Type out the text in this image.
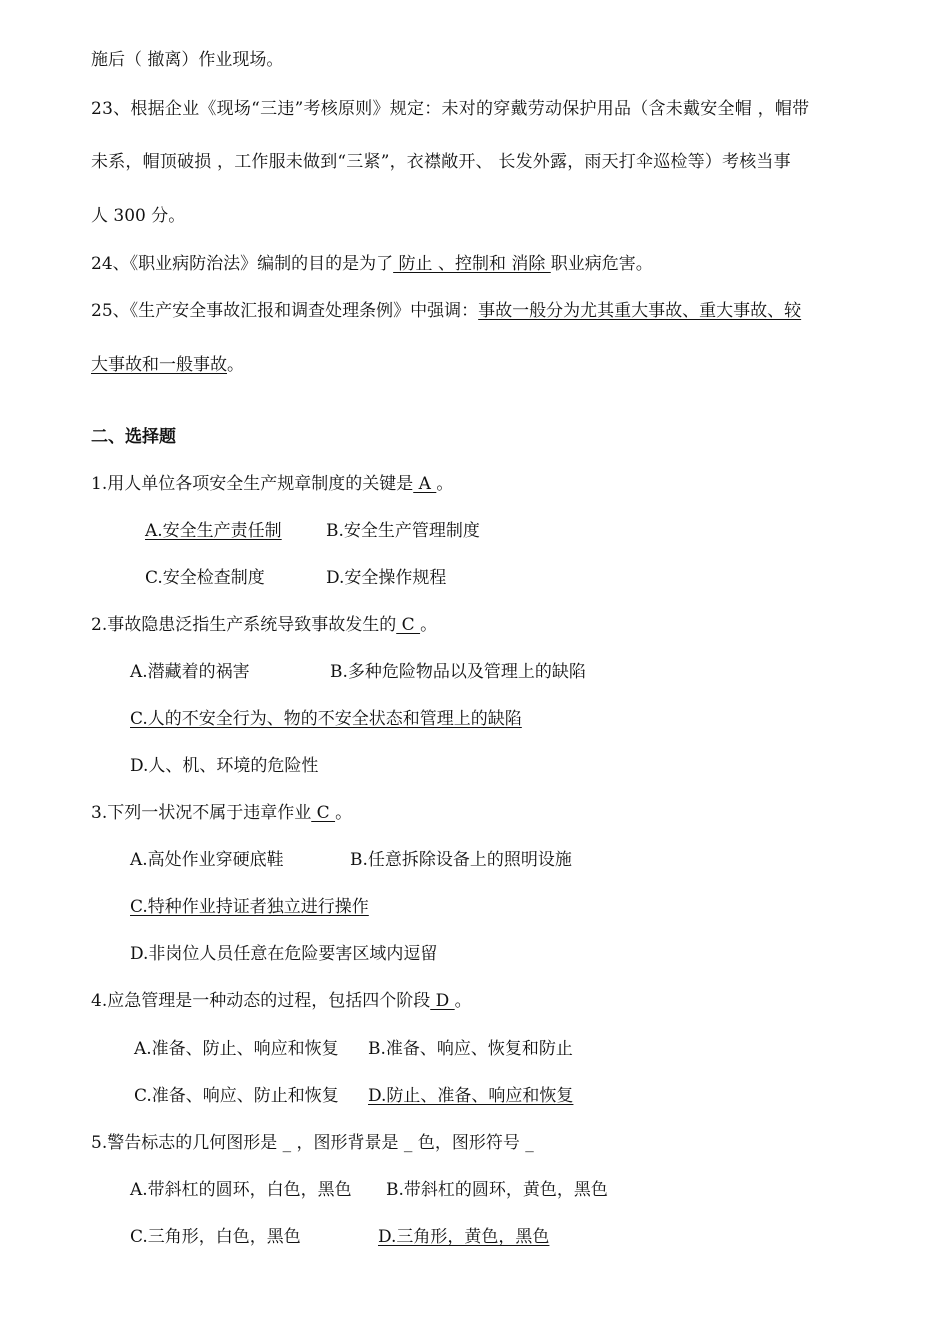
施后（ 撤离）作业现场。
23、根据企业《现场“三违”考核原则》规定：未对的穿戴劳动保护用品（含未戴安全帽 ，帽带
未系，帽顶破损 ，工作服未做到“三紧”，衣襟敞开、 长发外露，雨天打伞巡检等）考核当事
人 300 分。
24、《职业病防治法》编制的目的是为了 防止 、控制和 消除 职业病危害。
25、《生产安全事故汇报和调查处理条例》中强调：事故一般分为尤其重大事故、重大事故、较
大事故和一般事故。
二、选择题
1.用人单位各项安全生产规章制度的关键是 A 。
A.安全生产责任制	B.安全生产管理制度
C.安全检查制度	D.安全操作规程
2.事故隐患泛指生产系统导致事故发生的 C 。
A.潜藏着的祸害	B.多种危险物品以及管理上的缺陷
C.人的不安全行为、物的不安全状态和管理上的缺陷
D.人、机、环境的危险性
3.下列一状况不属于违章作业 C 。
A.高处作业穿硬底鞋	B.任意拆除设备上的照明设施
C.特种作业持证者独立进行操作
D.非岗位人员任意在危险要害区域内逗留
4.应急管理是一种动态的过程，包括四个阶段 D 。
A.准备、防止、响应和恢复 B.准备、响应、恢复和防止
C.准备、响应、防止和恢复 D.防止、准备、响应和恢复
5.警告标志的几何图形是 _ ，图形背景是 _ 色，图形符号 _
A.带斜杠的圆环，白色，黑色 B.带斜杠的圆环，黄色，黑色
C.三角形，白色，黑色	D.三角形，黄色，黑色
